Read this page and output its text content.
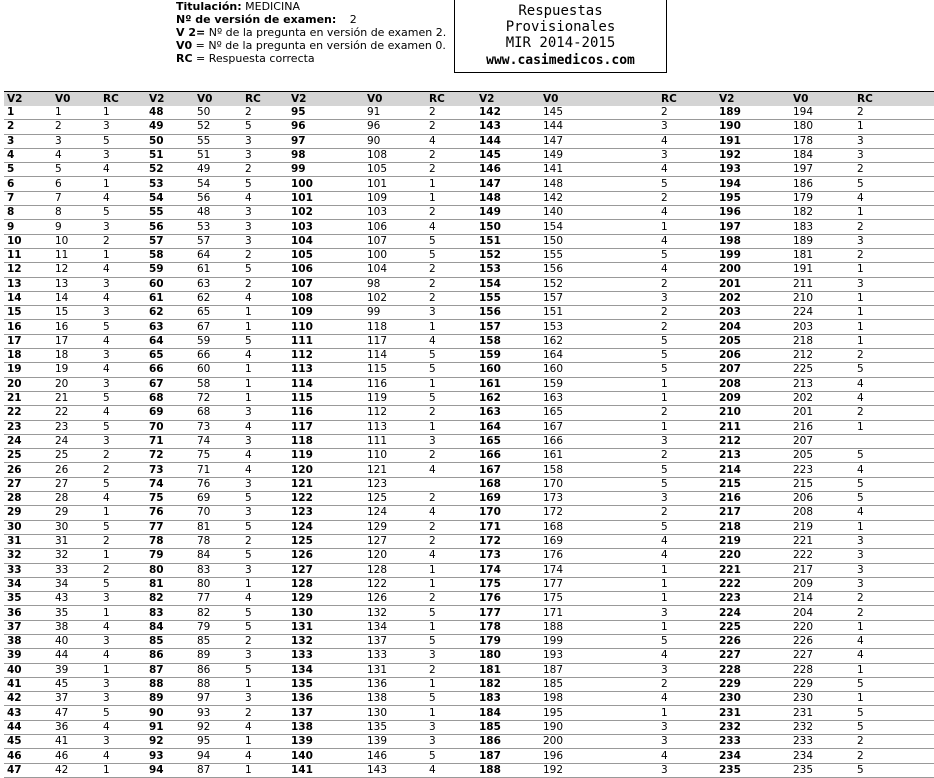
Titulación: MEDICINA
Nº de versión de examen: 2
V 2= Nº de la pregunta en versión de examen 2.
V0 = Nº de la pregunta en versión de examen 0.
RC = Respuesta correcta
Respuestas
Provisionales
MIR 2014-2015
www.casimedicos.com
V2	V0	RC	V2	V0	RC	V2	V0	RC	V2	V0	RC	V2	V0	RC
1	1	1	48	50	2	95	91	2	142	145	2	189	194	2
2	2	3	49	52	5	96	96	2	143	144	3	190	180	1
3	3	5	50	55	3	97	90	4	144	147	4	191	178	3
4	4	3	51	51	3	98	108	2	145	149	3	192	184	3
5	5	4	52	49	2	99	105	2	146	141	4	193	197	2
6	6	1	53	54	5	100	101	1	147	148	5	194	186	5
7	7	4	54	56	4	101	109	1	148	142	2	195	179	4
8	8	5	55	48	3	102	103	2	149	140	4	196	182	1
9	9	3	56	53	3	103	106	4	150	154	1	197	183	2
10	10	2	57	57	3	104	107	5	151	150	4	198	189	3
11	11	1	58	64	2	105	100	5	152	155	5	199	181	2
12	12	4	59	61	5	106	104	2	153	156	4	200	191	1
13	13	3	60	63	2	107	98	2	154	152	2	201	211	3
14	14	4	61	62	4	108	102	2	155	157	3	202	210	1
15	15	3	62	65	1	109	99	3	156	151	2	203	224	1
16	16	5	63	67	1	110	118	1	157	153	2	204	203	1
17	17	4	64	59	5	111	117	4	158	162	5	205	218	1
18	18	3	65	66	4	112	114	5	159	164	5	206	212	2
19	19	4	66	60	1	113	115	5	160	160	5	207	225	5
20	20	3	67	58	1	114	116	1	161	159	1	208	213	4
21	21	5	68	72	1	115	119	5	162	163	1	209	202	4
22	22	4	69	68	3	116	112	2	163	165	2	210	201	2
23	23	5	70	73	4	117	113	1	164	167	1	211	216	1
24	24	3	71	74	3	118	111	3	165	166	3	212	207	
25	25	2	72	75	4	119	110	2	166	161	2	213	205	5
26	26	2	73	71	4	120	121	4	167	158	5	214	223	4
27	27	5	74	76	3	121	123		168	170	5	215	215	5
28	28	4	75	69	5	122	125	2	169	173	3	216	206	5
29	29	1	76	70	3	123	124	4	170	172	2	217	208	4
30	30	5	77	81	5	124	129	2	171	168	5	218	219	1
31	31	2	78	78	2	125	127	2	172	169	4	219	221	3
32	32	1	79	84	5	126	120	4	173	176	4	220	222	3
33	33	2	80	83	3	127	128	1	174	174	1	221	217	3
34	34	5	81	80	1	128	122	1	175	177	1	222	209	3
35	43	3	82	77	4	129	126	2	176	175	1	223	214	2
36	35	1	83	82	5	130	132	5	177	171	3	224	204	2
37	38	4	84	79	5	131	134	1	178	188	1	225	220	1
38	40	3	85	85	2	132	137	5	179	199	5	226	226	4
39	44	4	86	89	3	133	133	3	180	193	4	227	227	4
40	39	1	87	86	5	134	131	2	181	187	3	228	228	1
41	45	3	88	88	1	135	136	1	182	185	2	229	229	5
42	37	3	89	97	3	136	138	5	183	198	4	230	230	1
43	47	5	90	93	2	137	130	1	184	195	1	231	231	5
44	36	4	91	92	4	138	135	3	185	190	3	232	232	5
45	41	3	92	95	1	139	139	3	186	200	3	233	233	2
46	46	4	93	94	4	140	146	5	187	196	4	234	234	2
47	42	1	94	87	1	141	143	4	188	192	3	235	235	5
